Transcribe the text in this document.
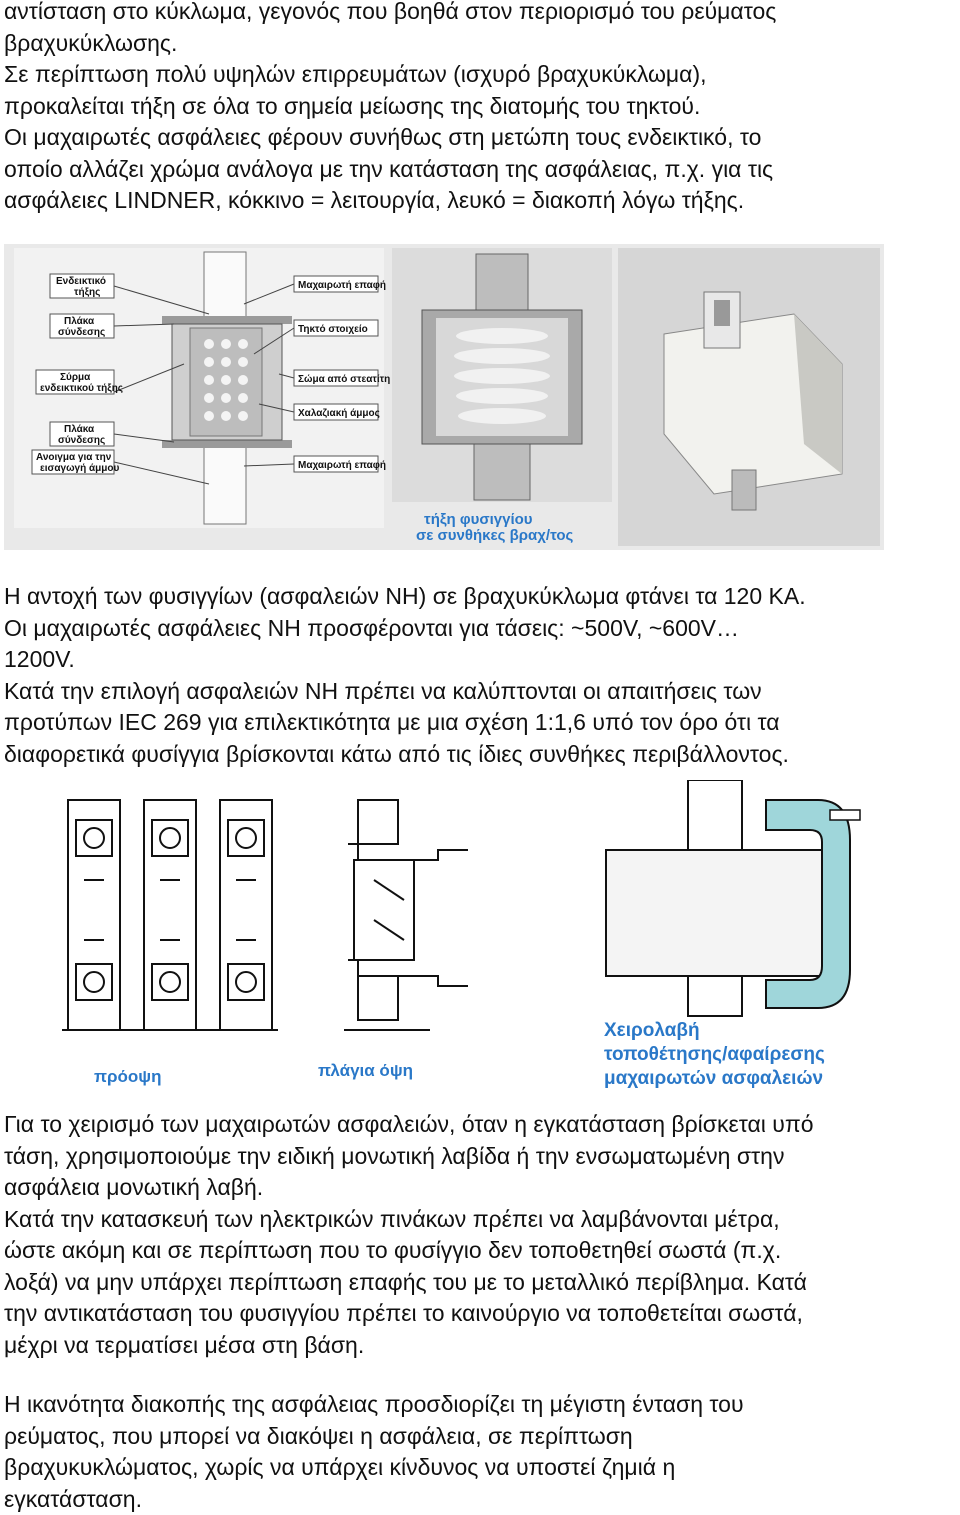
αντίσταση στο κύκλωμα, γεγονός που βοηθά στον περιορισμό του ρεύματος
βραχυκύκλωσης.
Σε περίπτωση πολύ υψηλών επιρρευμάτων (ισχυρό βραχυκύκλωμα),
προκαλείται τήξη σε όλα το σημεία μείωσης της διατομής του τηκτού.
Οι μαχαιρωτές ασφάλειες φέρουν συνήθως στη μετώπη τους ενδεικτικό, το
οποίο αλλάζει χρώμα ανάλογα με την κατάσταση της ασφάλειας, π.χ. για τις
ασφάλειες LINDNER, κόκκινο = λειτουργία, λευκό = διακοπή λόγω τήξης.
Ενδεικτικό
τήξης
Πλάκα
σύνδεσης
Σύρμα
ενδεικτικού τήξης
Πλάκα
σύνδεσης
Ανοιγμα για την
εισαγωγή άμμου
Μαχαιρωτή επαφή
Τηκτό στοιχείο
Σώμα από στεατίτη
Χαλαζιακή άμμος
Μαχαιρωτή επαφή
τήξη φυσιγγίου
σε συνθήκες βραχ/τος
Η αντοχή των φυσιγγίων (ασφαλειών ΝΗ) σε βραχυκύκλωμα φτάνει τα 120 ΚΑ.
Οι μαχαιρωτές ασφάλειες ΝΗ προσφέρονται για τάσεις: ~500V, ~600V…
1200V.
Κατά την επιλογή ασφαλειών ΝΗ πρέπει να καλύπτονται οι απαιτήσεις των
προτύπων IEC 269 για επιλεκτικότητα με μια σχέση 1:1,6 υπό τον όρο ότι τα
διαφορετικά φυσίγγια βρίσκονται κάτω από τις ίδιες συνθήκες περιβάλλοντος.
πρόοψη	πλάγια όψη
Χειρολαβή
τοποθέτησης/αφαίρεσης
μαχαιρωτών ασφαλειών
Για το χειρισμό των μαχαιρωτών ασφαλειών, όταν η εγκατάσταση βρίσκεται υπό
τάση, χρησιμοποιούμε την ειδική μονωτική λαβίδα ή την ενσωματωμένη στην
ασφάλεια μονωτική λαβή.
Κατά την κατασκευή των ηλεκτρικών πινάκων πρέπει να λαμβάνονται μέτρα,
ώστε ακόμη και σε περίπτωση που το φυσίγγιο δεν τοποθετηθεί σωστά (π.χ.
λοξά) να μην υπάρχει περίπτωση επαφής του με το μεταλλικό περίβλημα. Κατά
την αντικατάσταση του φυσιγγίου πρέπει το καινούργιο να τοποθετείται σωστά,
μέχρι να τερματίσει μέσα στη βάση.
Η ικανότητα διακοπής της ασφάλειας προσδιορίζει τη μέγιστη ένταση του
ρεύματος, που μπορεί να διακόψει η ασφάλεια, σε περίπτωση
βραχυκυκλώματος, χωρίς να υπάρχει κίνδυνος να υποστεί ζημιά η
εγκατάσταση.
